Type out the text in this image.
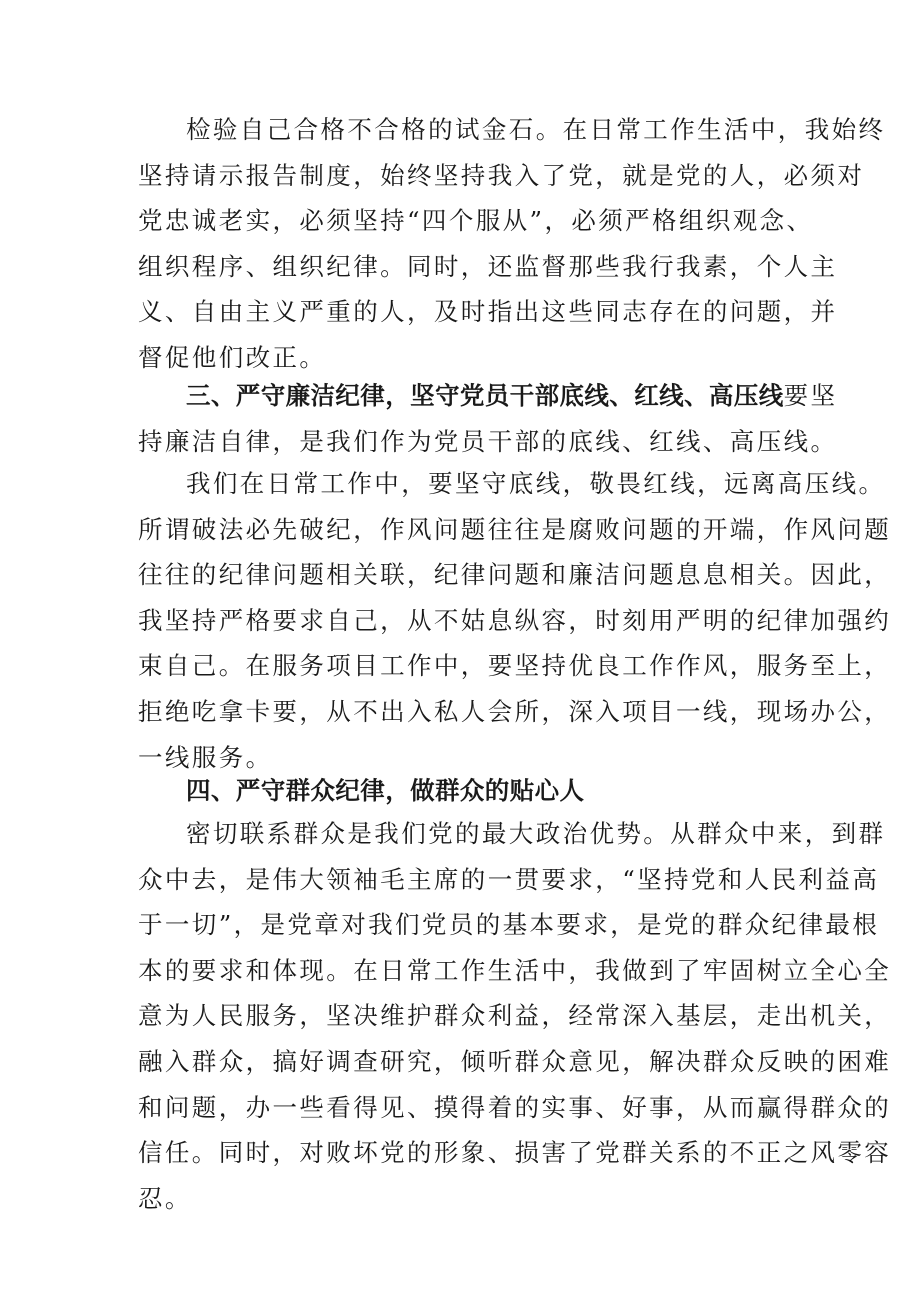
检验自己合格不合格的试金石。在日常工作生活中，我始终
坚持请示报告制度，始终坚持我入了党，就是党的人，必须对
党忠诚老实，必须坚持“四个服从”，必须严格组织观念、
组织程序、组织纪律。同时，还监督那些我行我素，个人主
义、自由主义严重的人，及时指出这些同志存在的问题，并
督促他们改正。
三、严守廉洁纪律，坚守党员干部底线、红线、高压线要坚
持廉洁自律，是我们作为党员干部的底线、红线、高压线。
我们在日常工作中，要坚守底线，敬畏红线，远离高压线。
所谓破法必先破纪，作风问题往往是腐败问题的开端，作风问题
往往的纪律问题相关联，纪律问题和廉洁问题息息相关。因此，
我坚持严格要求自己，从不姑息纵容，时刻用严明的纪律加强约
束自己。在服务项目工作中，要坚持优良工作作风，服务至上，
拒绝吃拿卡要，从不出入私人会所，深入项目一线，现场办公，
一线服务。
四、严守群众纪律，做群众的贴心人
密切联系群众是我们党的最大政治优势。从群众中来，到群
众中去，是伟大领袖毛主席的一贯要求，“坚持党和人民利益高
于一切”，是党章对我们党员的基本要求，是党的群众纪律最根
本的要求和体现。在日常工作生活中，我做到了牢固树立全心全
意为人民服务，坚决维护群众利益，经常深入基层，走出机关，
融入群众，搞好调查研究，倾听群众意见，解决群众反映的困难
和问题，办一些看得见、摸得着的实事、好事，从而赢得群众的
信任。同时，对败坏党的形象、损害了党群关系的不正之风零容
忍。
